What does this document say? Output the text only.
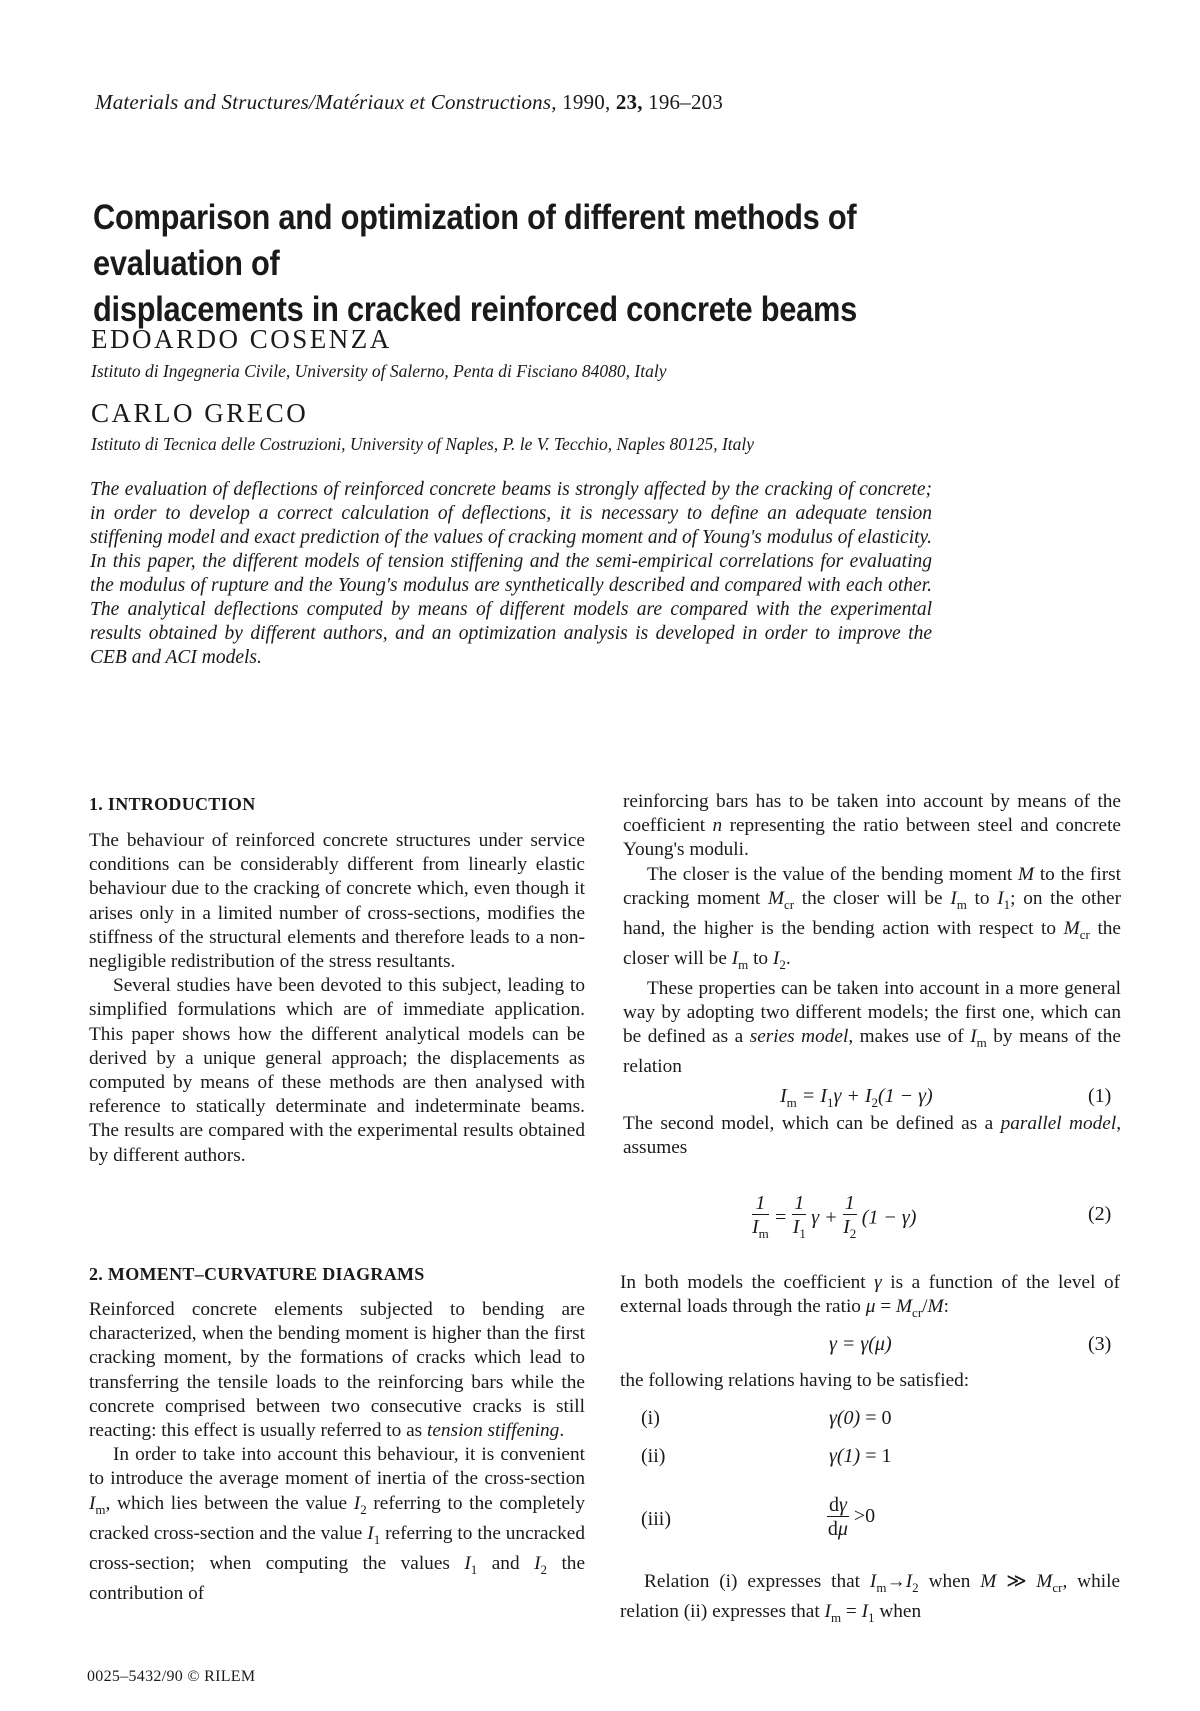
Materials and Structures/Matériaux et Constructions, 1990, 23, 196–203
Comparison and optimization of different methods of evaluation of
displacements in cracked reinforced concrete beams
EDOARDO COSENZA
Istituto di Ingegneria Civile, University of Salerno, Penta di Fisciano 84080, Italy
CARLO GRECO
Istituto di Tecnica delle Costruzioni, University of Naples, P. le V. Tecchio, Naples 80125, Italy
The evaluation of deflections of reinforced concrete beams is strongly affected by the cracking of concrete; in order to develop a correct calculation of deflections, it is necessary to define an adequate tension stiffening model and exact prediction of the values of cracking moment and of Young's modulus of elasticity. In this paper, the different models of tension stiffening and the semi-empirical correlations for evaluating the modulus of rupture and the Young's modulus are synthetically described and compared with each other. The analytical deflections computed by means of different models are compared with the experimental results obtained by different authors, and an optimization analysis is developed in order to improve the CEB and ACI models.
1. INTRODUCTION

The behaviour of reinforced concrete structures under service conditions can be considerably different from linearly elastic behaviour due to the cracking of concrete which, even though it arises only in a limited number of cross-sections, modifies the stiffness of the structural elements and therefore leads to a non-negligible redistribution of the stress resultants.

Several studies have been devoted to this subject, leading to simplified formulations which are of immediate application. This paper shows how the different analytical models can be derived by a unique general approach; the displacements as computed by means of these methods are then analysed with reference to statically determinate and indeterminate beams. The results are compared with the experimental results obtained by different authors.

2. MOMENT–CURVATURE DIAGRAMS

Reinforced concrete elements subjected to bending are characterized, when the bending moment is higher than the first cracking moment, by the formations of cracks which lead to transferring the tensile loads to the reinforcing bars while the concrete comprised between two consecutive cracks is still reacting: this effect is usually referred to as tension stiffening.

In order to take into account this behaviour, it is convenient to introduce the average moment of inertia of the cross-section $I_m$, which lies between the value $I_2$ referring to the completely cracked cross-section and the value $I_1$ referring to the uncracked cross-section; when computing the values $I_1$ and $I_2$ the contribution of

reinforcing bars has to be taken into account by means of the coefficient n representing the ratio between steel and concrete Young's moduli.

The closer is the value of the bending moment M to the first cracking moment $M_{cr}$ the closer will be $I_m$ to $I_1$; on the other hand, the higher is the bending action with respect to $M_{cr}$ the closer will be $I_m$ to $I_2$.

These properties can be taken into account in a more general way by adopting two different models; the first one, which can be defined as a series model, makes use of $I_m$ by means of the relation

$I_m = I_1\gamma + I_2(1 - \gamma)$	(1)

The second model, which can be defined as a parallel model, assumes

$\frac{1}{I_m} = \frac{1}{I_1}$ $\gamma + \frac{1}{I_2} (1 - \gamma)$	(2)

In both models the coefficient γ is a function of the level of external loads through the ratio $\mu = M_{cr}/M$:

γ = γ(μ)	(3)
the following relations having to be satisfied:
(i)	γ(0) = 0
(ii)	γ(1) = 1
(iii)	$\frac{d\gamma}{d\mu} >0$

Relation (i) expresses that $I_m\to I_2$ when M ≫ $M_{cr}$, while relation (ii) expresses that $I_m = I_1$ when

0025–5432/90 © RILEM
